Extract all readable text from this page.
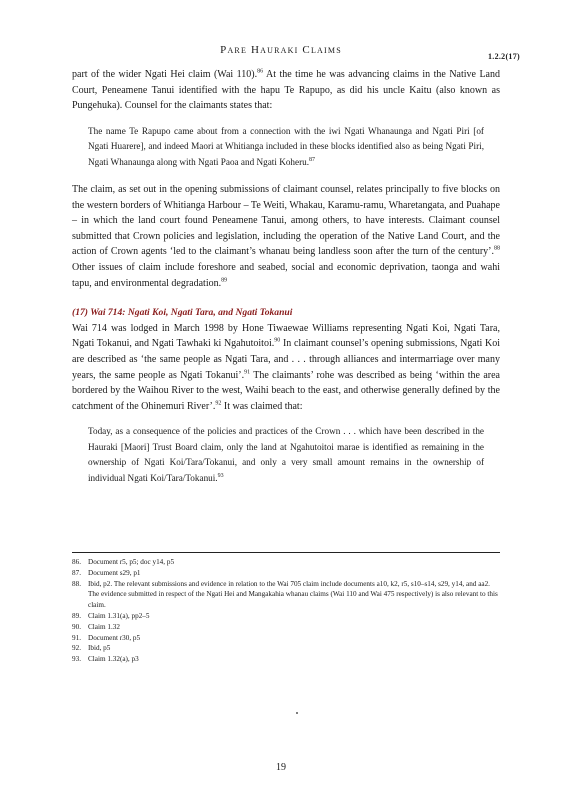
Pare Hauraki Claims
1.2.2(17)

part of the wider Ngati Hei claim (Wai 110).$^{86}$ At the time he was advancing claims in the Native Land Court, Peneamene Tanui identified with the hapu Te Rapupo, as did his uncle Kaitu (also known as Pungehuka). Counsel for the claimants states that:

The name Te Rapupo came about from a connection with the iwi Ngati Whanaunga and Ngati Piri [of Ngati Huarere], and indeed Maori at Whitianga included in these blocks identified also as being Ngati Piri, Ngati Whanaunga along with Ngati Paoa and Ngati Koheru.$^{87}$

The claim, as set out in the opening submissions of claimant counsel, relates principally to five blocks on the western borders of Whitianga Harbour – Te Weiti, Whakau, Karamu-ramu, Wharetangata, and Puahape – in which the land court found Peneamene Tanui, among others, to have interests. Claimant counsel submitted that Crown policies and legislation, including the operation of the Native Land Court, and the action of Crown agents ‘led to the claimant’s whanau being landless soon after the turn of the century’.$^{88}$ Other issues of claim include foreshore and seabed, social and economic deprivation, taonga and wahi tapu, and environmental degradation.$^{89}$

(17) Wai 714: Ngati Koi, Ngati Tara, and Ngati Tokanui

Wai 714 was lodged in March 1998 by Hone Tiwaewae Williams representing Ngati Koi, Ngati Tara, Ngati Tokanui, and Ngati Tawhaki ki Ngahutoitoi.$^{90}$ In claimant counsel’s opening submissions, Ngati Koi are described as ‘the same people as Ngati Tara, and . . . through alliances and intermarriage over many years, the same people as Ngati Tokanui’.$^{91}$ The claimants’ rohe was described as being ‘within the area bordered by the Waihou River to the west, Waihi beach to the east, and otherwise generally defined by the catchment of the Ohinemuri River’.$^{92}$ It was claimed that:

Today, as a consequence of the policies and practices of the Crown . . . which have been described in the Hauraki [Maori] Trust Board claim, only the land at Ngahutoitoi marae is identified as remaining in the ownership of Ngati Koi/Tara/Tokanui, and only a very small amount remains in the ownership of individual Ngati Koi/Tara/Tokanui.$^{93}$
86. Document r5, p5; doc y14, p5
87. Document s29, p1
88. Ibid, p2. The relevant submissions and evidence in relation to the Wai 705 claim include documents a10, k2, r5, s10–s14, s29, y14, and aa2. The evidence submitted in respect of the Ngati Hei and Mangakahia whanau claims (Wai 110 and Wai 475 respectively) is also relevant to this claim.
89. Claim 1.31(a), pp2–5
90. Claim 1.32
91. Document r30, p5
92. Ibid, p5
93. Claim 1.32(a), p3
19
